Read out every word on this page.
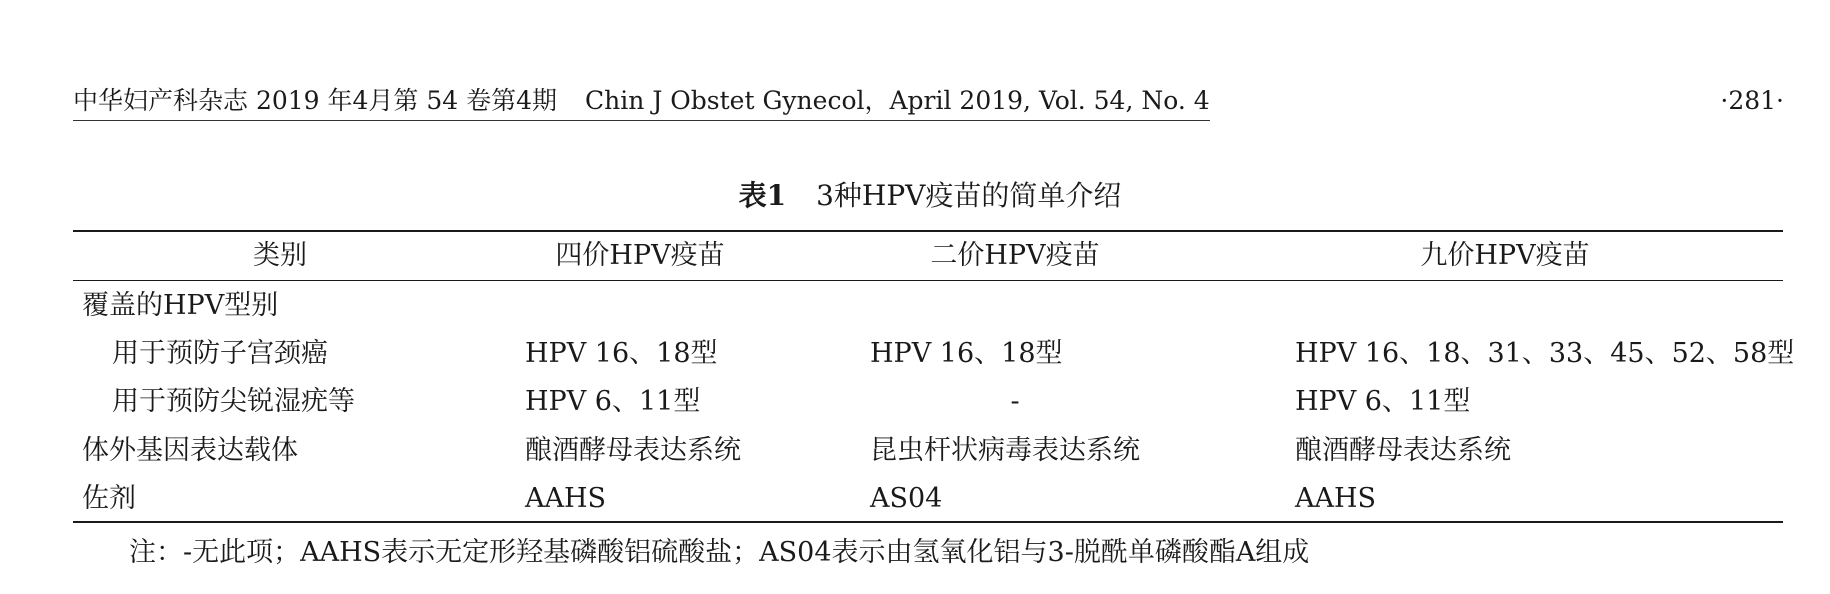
中华妇产科杂志 2019 年4月第 54 卷第4期 Chin J Obstet Gynecol，April 2019, Vol. 54, No. 4	·281·
表1 3种HPV疫苗的简单介绍
类别	四价HPV疫苗	二价HPV疫苗	九价HPV疫苗
覆盖的HPV型别
用于预防子宫颈癌	HPV 16、18型	HPV 16、18型	HPV 16、18、31、33、45、52、58型
用于预防尖锐湿疣等	HPV 6、11型	-	HPV 6、11型
体外基因表达载体	酿酒酵母表达系统	昆虫杆状病毒表达系统	酿酒酵母表达系统
佐剂	AAHS	AS04	AAHS
注：-无此项；AAHS表示无定形羟基磷酸铝硫酸盐；AS04表示由氢氧化铝与3-脱酰单磷酸酯A组成
